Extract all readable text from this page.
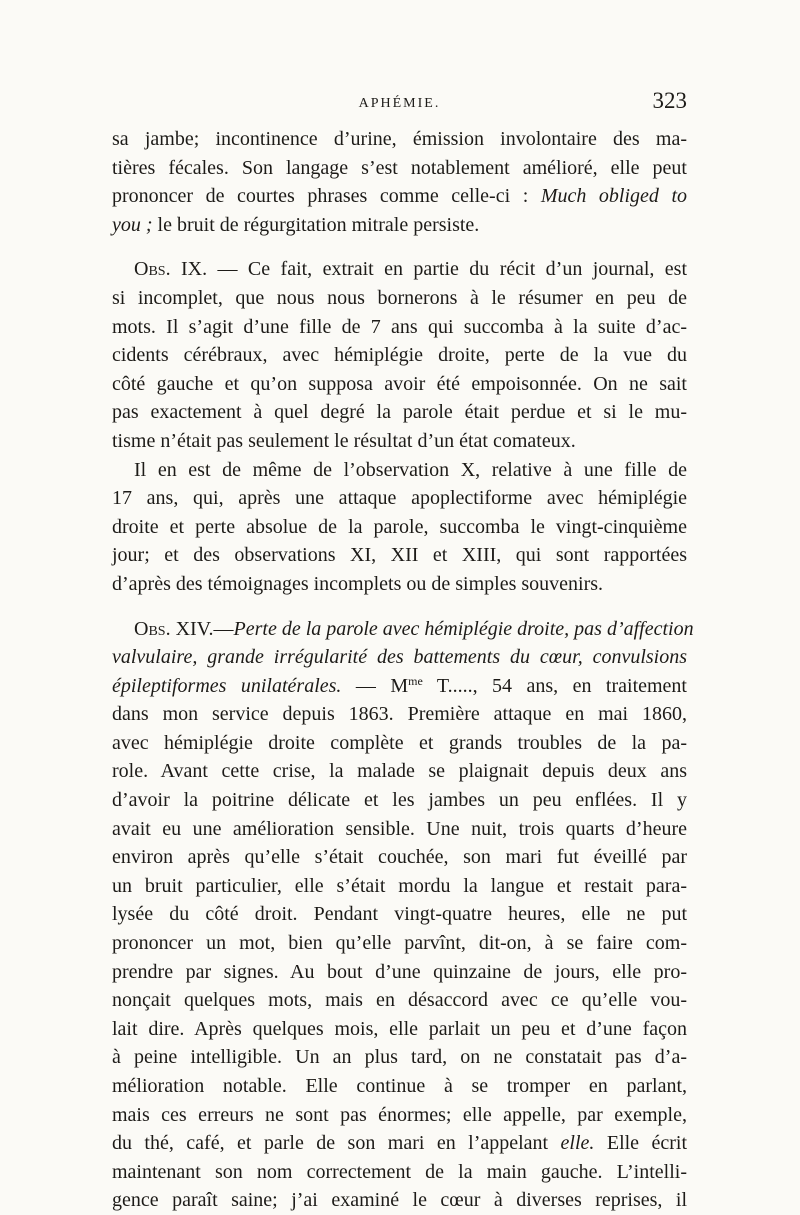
APHÉMIE.	323
sa jambe; incontinence d’urine, émission involontaire des ma-
tières fécales. Son langage s’est notablement amélioré, elle peut
prononcer de courtes phrases comme celle-ci : Much obliged to
you ; le bruit de régurgitation mitrale persiste.
Obs. IX. — Ce fait, extrait en partie du récit d’un journal, est
si incomplet, que nous nous bornerons à le résumer en peu de
mots. Il s’agit d’une fille de 7 ans qui succomba à la suite d’ac-
cidents cérébraux, avec hémiplégie droite, perte de la vue du
côté gauche et qu’on supposa avoir été empoisonnée. On ne sait
pas exactement à quel degré la parole était perdue et si le mu-
tisme n’était pas seulement le résultat d’un état comateux.
Il en est de même de l’observation X, relative à une fille de
17 ans, qui, après une attaque apoplectiforme avec hémiplégie
droite et perte absolue de la parole, succomba le vingt-cinquième
jour; et des observations XI, XII et XIII, qui sont rapportées
d’après des témoignages incomplets ou de simples souvenirs.
Obs. XIV.—Perte de la parole avec hémiplégie droite, pas d’affection
valvulaire, grande irrégularité des battements du cœur, convulsions
épileptiformes unilatérales. — $M^{me}$ T....., 54 ans, en traitement
dans mon service depuis 1863. Première attaque en mai 1860,
avec hémiplégie droite complète et grands troubles de la pa-
role. Avant cette crise, la malade se plaignait depuis deux ans
d’avoir la poitrine délicate et les jambes un peu enflées. Il y
avait eu une amélioration sensible. Une nuit, trois quarts d’heure
environ après qu’elle s’était couchée, son mari fut éveillé par
un bruit particulier, elle s’était mordu la langue et restait para-
lysée du côté droit. Pendant vingt-quatre heures, elle ne put
prononcer un mot, bien qu’elle parvînt, dit-on, à se faire com-
prendre par signes. Au bout d’une quinzaine de jours, elle pro-
nonçait quelques mots, mais en désaccord avec ce qu’elle vou-
lait dire. Après quelques mois, elle parlait un peu et d’une façon
à peine intelligible. Un an plus tard, on ne constatait pas d’a-
mélioration notable. Elle continue à se tromper en parlant,
mais ces erreurs ne sont pas énormes; elle appelle, par exemple,
du thé, café, et parle de son mari en l’appelant elle. Elle écrit
maintenant son nom correctement de la main gauche. L’intelli-
gence paraît saine; j’ai examiné le cœur à diverses reprises, il
